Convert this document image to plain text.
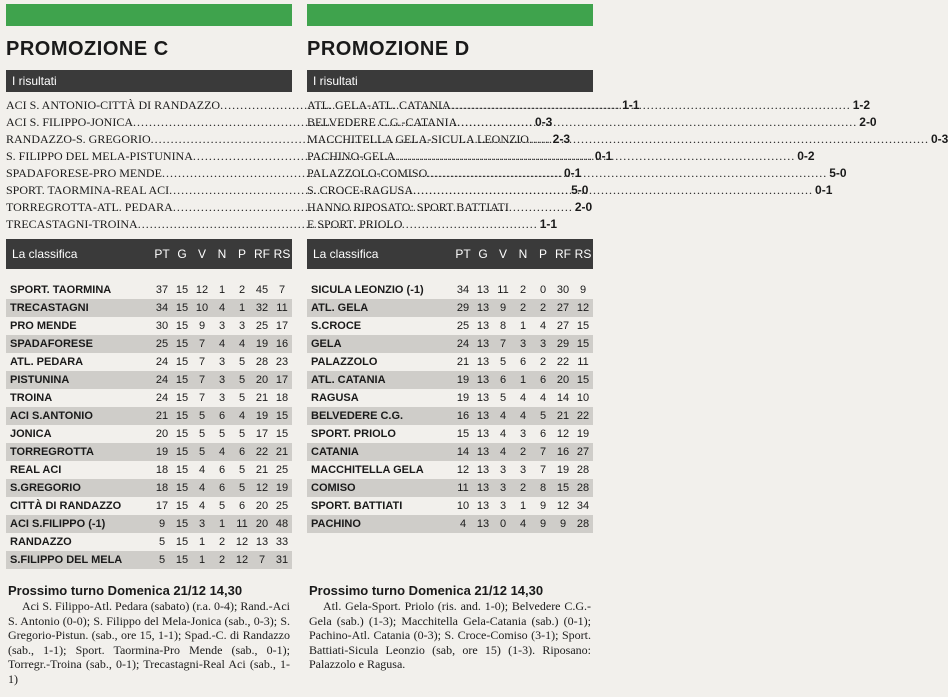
PROMOZIONE C
I risultati
ACI S. ANTONIO-CITTÀ DI RANDAZZO .....	1-1
ACI S. FILIPPO-JONICA .....	0-3
RANDAZZO-S. GREGORIO .....	2-3
S. FILIPPO DEL MELA-PISTUNINA .....	0-1
SPADAFORESE-PRO MENDE .....	0-1
SPORT. TAORMINA-REAL ACI .....	5-0
TORREGROTTA-ATL. PEDARA .....	2-0
TRECASTAGNI-TROINA .....	1-1
La classifica	PT G V N P RF RS
SPORT. TAORMINA	37 15 12 1	2 45 7
TRECASTAGNI	34 15 10 4	1 32 11
PRO MENDE	30 15 9	3	3 25 17
SPADAFORESE	25 15 7	4	4 19 16
ATL. PEDARA	24 15 7	3	5 28 23
PISTUNINA	24 15 7	3	5 20 17
TROINA	24 15 7	3	5 21 18
ACI S.ANTONIO	21 15 5	6	4 19 15
JONICA	20 15 5	5	5 17 15
TORREGROTTA	19 15 5	4	6 22 21
REAL ACI	18 15 4	6	5 21 25
S.GREGORIO	18 15 4	6	5 12 19
CITTÀ DI RANDAZZO	17 15 4	5	6 20 25
ACI S.FILIPPO (-1)	9 15 3	1	11 20 48
RANDAZZO	5 15 1	2 12 13 33
S.FILIPPO DEL MELA	5 15 1	2 12 7 31
Prossimo turno Domenica 21/12 14,30
Aci S. Filippo-Atl. Pedara (sabato) (r.a. 0-4); Rand.-Aci S. Antonio (0-0); S. Filippo del Mela-Jonica (sab., 0-3); S. Gregorio-Pistun. (sab., ore 15, 1-1); Spad.-C. di Randazzo (sab., 1-1); Sport. Taormina-Pro Mende (sab., 0-1); Torregr.-Troina (sab., 0-1); Trecastagni-Real Aci (sab., 1-1)
PROMOZIONE D
I risultati
ATL. GELA-ATL. CATANIA .....	1-2
BELVEDERE C.G.-CATANIA .....	2-0
MACCHITELLA GELA-SICULA LEONZIO .....	0-3
PACHINO-GELA .....	0-2
PALAZZOLO-COMISO .....	5-0
S. CROCE-RAGUSA .....	0-1
HANNO RIPOSATO: SPORT BATTIATI
E SPORT. PRIOLO
La classifica	PT G V N P RF RS
SICULA LEONZIO (-1)	34 13 11	2	0 30 9
ATL. GELA	29 13 9	2	2 27 12
S.CROCE	25 13 8	1	4 27 15
GELA	24 13 7	3	3 29 15
PALAZZOLO	21 13 5	6	2 22 11
ATL. CATANIA	19 13 6	1	6 20 15
RAGUSA	19 13 5	4	4 14 10
BELVEDERE C.G.	16 13 4	4	5 21 22
SPORT. PRIOLO	15 13 4	3	6 12 19
CATANIA	14 13 4	2	7 16 27
MACCHITELLA GELA	12 13 3	3	7 19 28
COMISO	11 13 3	2	8 15 28
SPORT. BATTIATI	10 13 3	1	9 12 34
PACHINO	4 13 0	4	9	9 28
Prossimo turno Domenica 21/12 14,30
Atl. Gela-Sport. Priolo (ris. and. 1-0); Belvedere C.G.-Gela (sab.) (1-3); Macchitella Gela-Catania (sab.) (0-1); Pachino-Atl. Catania (0-3); S. Croce-Comiso (3-1); Sport. Battiati-Sicula Leonzio (sab, ore 15) (1-3). Riposano: Palazzolo e Ragusa.
